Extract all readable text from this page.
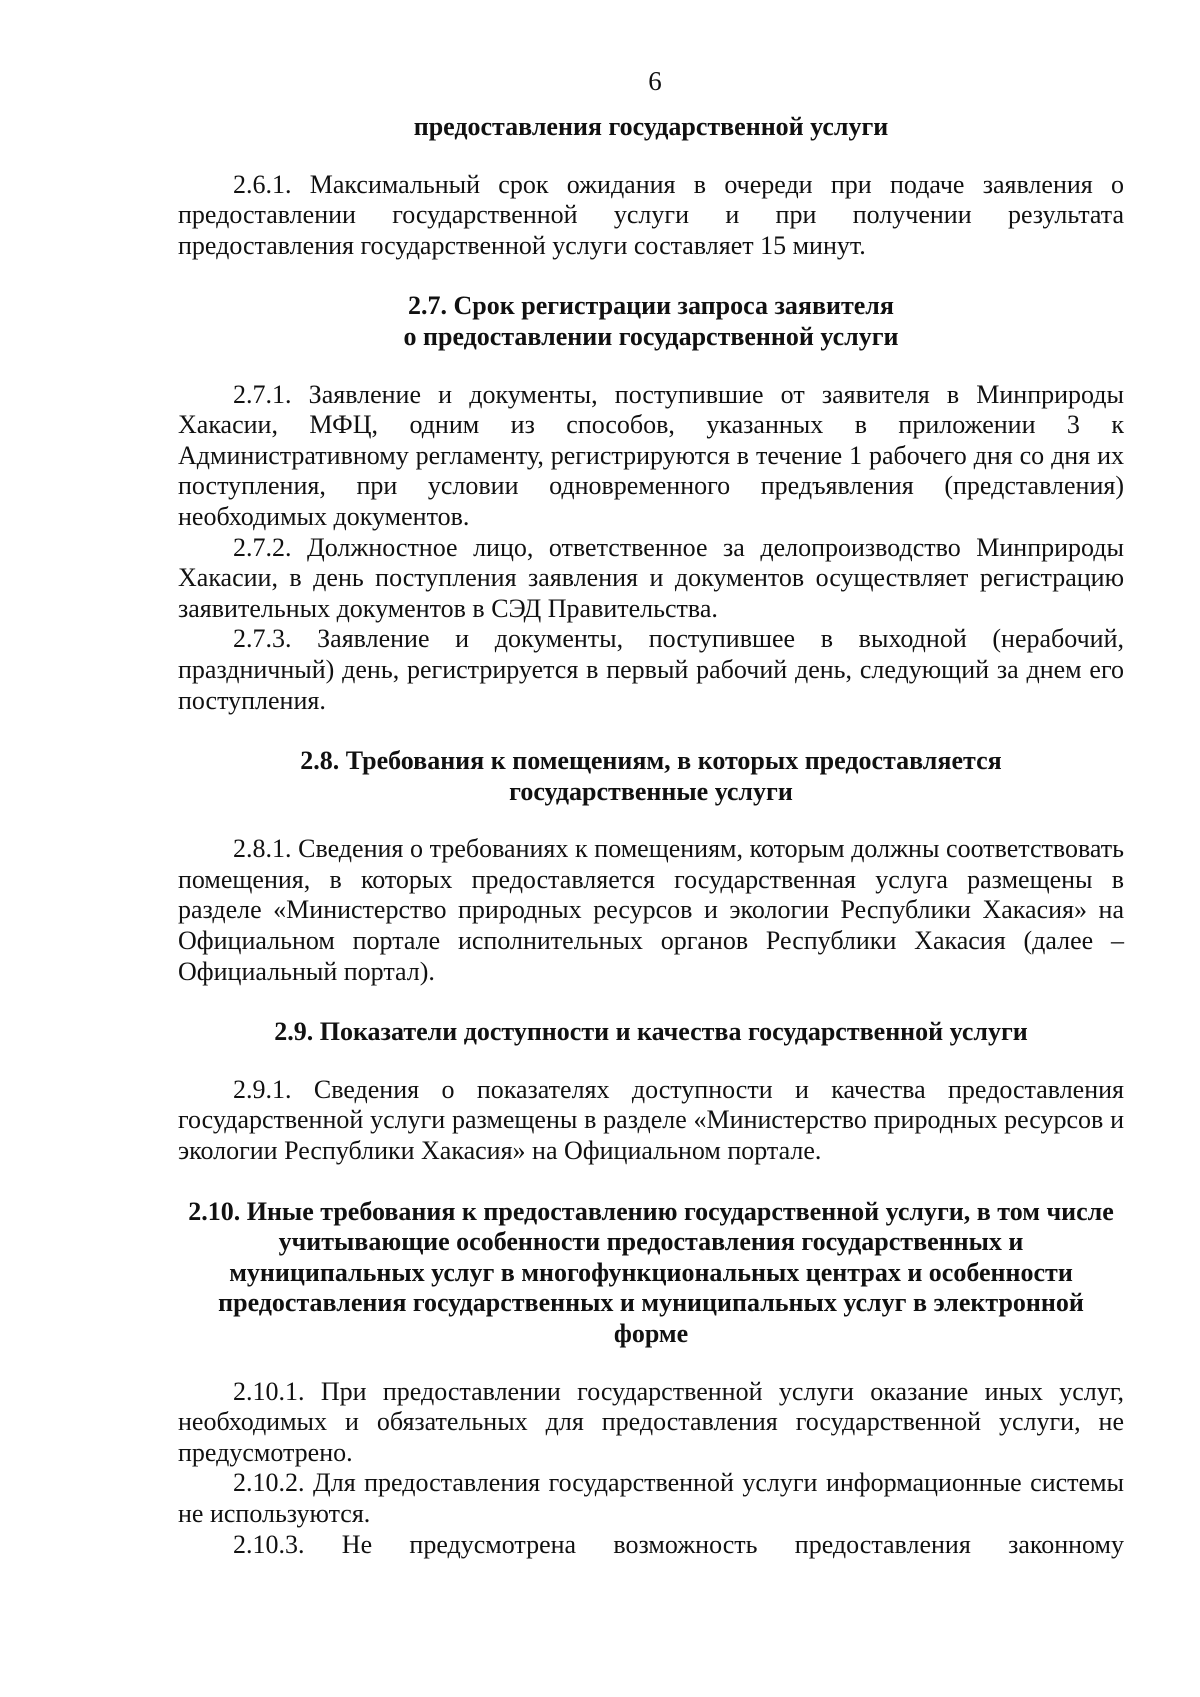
6
предоставления государственной услуги

2.6.1. Максимальный срок ожидания в очереди при подаче заявления о предоставлении государственной услуги и при получении результата предоставления государственной услуги составляет 15 минут.

2.7. Срок регистрации запроса заявителя
о предоставлении государственной услуги

2.7.1. Заявление и документы, поступившие от заявителя в Минприроды Хакасии, МФЦ, одним из способов, указанных в приложении 3 к Административному регламенту, регистрируются в течение 1 рабочего дня со дня их поступления, при условии одновременного предъявления (представления) необходимых документов.

2.7.2. Должностное лицо, ответственное за делопроизводство Минприроды Хакасии, в день поступления заявления и документов осуществляет регистрацию заявительных документов в СЭД Правительства.

2.7.3. Заявление и документы, поступившее в выходной (нерабочий, праздничный) день, регистрируется в первый рабочий день, следующий за днем его поступления.

2.8. Требования к помещениям, в которых предоставляется
государственные услуги

2.8.1. Сведения о требованиях к помещениям, которым должны соответствовать помещения, в которых предоставляется государственная услуга размещены в разделе «Министерство природных ресурсов и экологии Республики Хакасия» на Официальном портале исполнительных органов Республики Хакасия (далее – Официальный портал).

2.9. Показатели доступности и качества государственной услуги

2.9.1. Сведения о показателях доступности и качества предоставления государственной услуги размещены в разделе «Министерство природных ресурсов и экологии Республики Хакасия» на Официальном портале.

2.10. Иные требования к предоставлению государственной услуги, в том числе
учитывающие особенности предоставления государственных и
муниципальных услуг в многофункциональных центрах и особенности
предоставления государственных и муниципальных услуг в электронной
форме

2.10.1. При предоставлении государственной услуги оказание иных услуг, необходимых и обязательных для предоставления государственной услуги, не предусмотрено.

2.10.2. Для предоставления государственной услуги информационные системы не используются.

2.10.3. Не предусмотрена возможность предоставления законному
